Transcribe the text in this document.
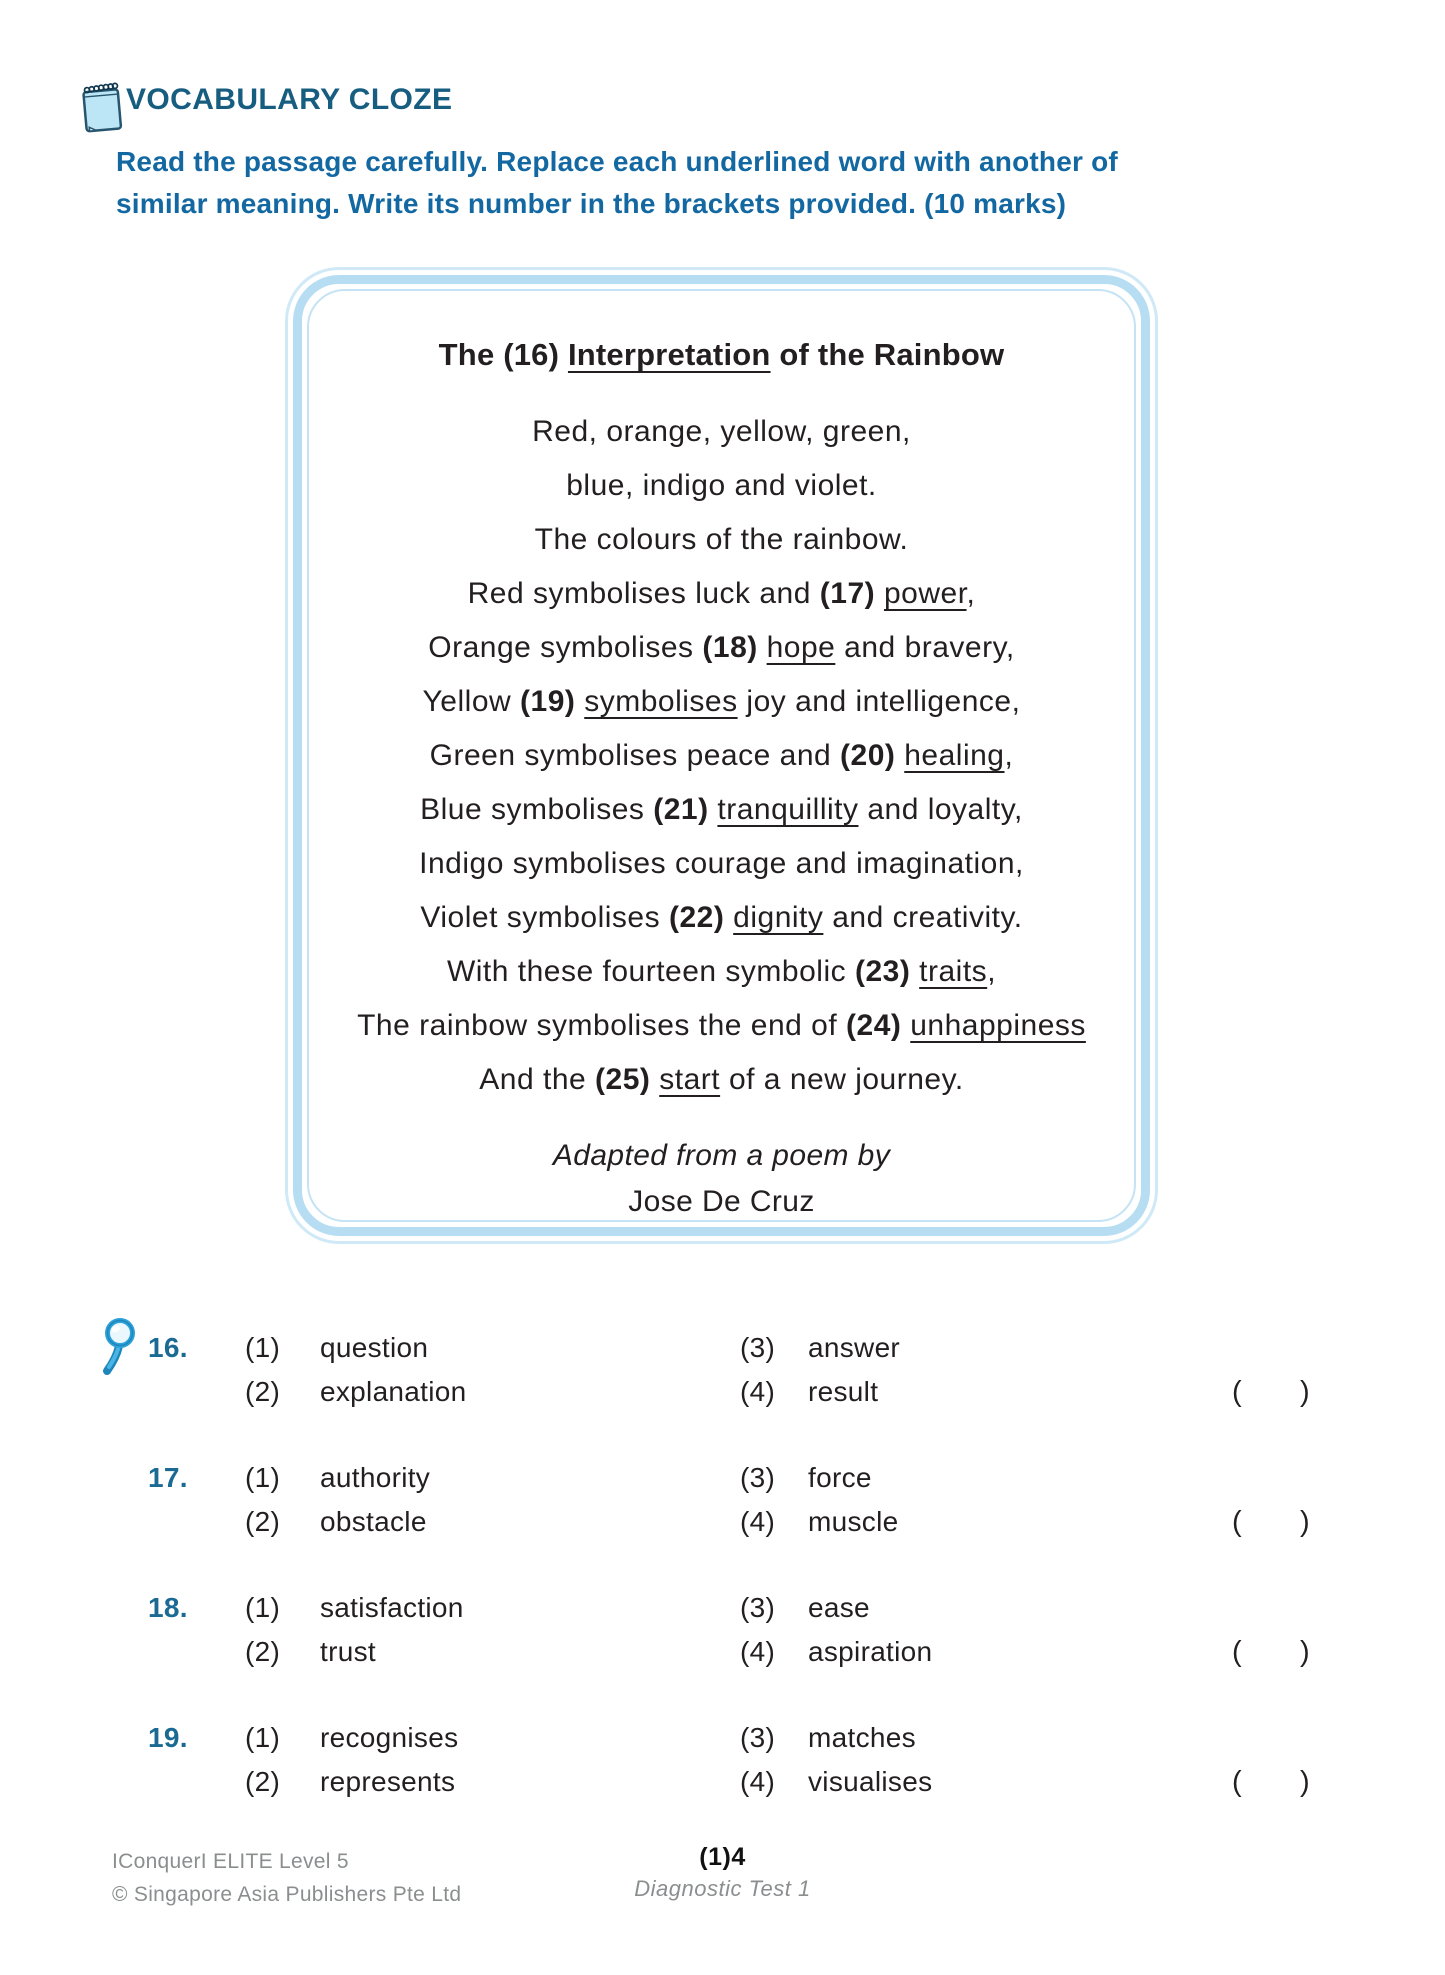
VOCABULARY CLOZE
Read the passage carefully. Replace each underlined word with another of
similar meaning. Write its number in the brackets provided. (10 marks)
The (16) Interpretation of the Rainbow
Red, orange, yellow, green,
blue, indigo and violet.
The colours of the rainbow.
Red symbolises luck and (17) power,
Orange symbolises (18) hope and bravery,
Yellow (19) symbolises joy and intelligence,
Green symbolises peace and (20) healing,
Blue symbolises (21) tranquillity and loyalty,
Indigo symbolises courage and imagination,
Violet symbolises (22) dignity and creativity.
With these fourteen symbolic (23) traits,
The rainbow symbolises the end of (24) unhappiness
And the (25) start of a new journey.
Adapted from a poem by
Jose De Cruz
16.	(1)	question	(3)	answer
(2)	explanation	(4)	result	( )
17.	(1)	authority	(3)	force
(2)	obstacle	(4)	muscle	( )
18.	(1)	satisfaction	(3)	ease
(2)	trust	(4)	aspiration	( )
19.	(1)	recognises	(3)	matches
(2)	represents	(4)	visualises	( )
IConquerI ELITE Level 5
© Singapore Asia Publishers Pte Ltd
(1)4
Diagnostic Test 1
